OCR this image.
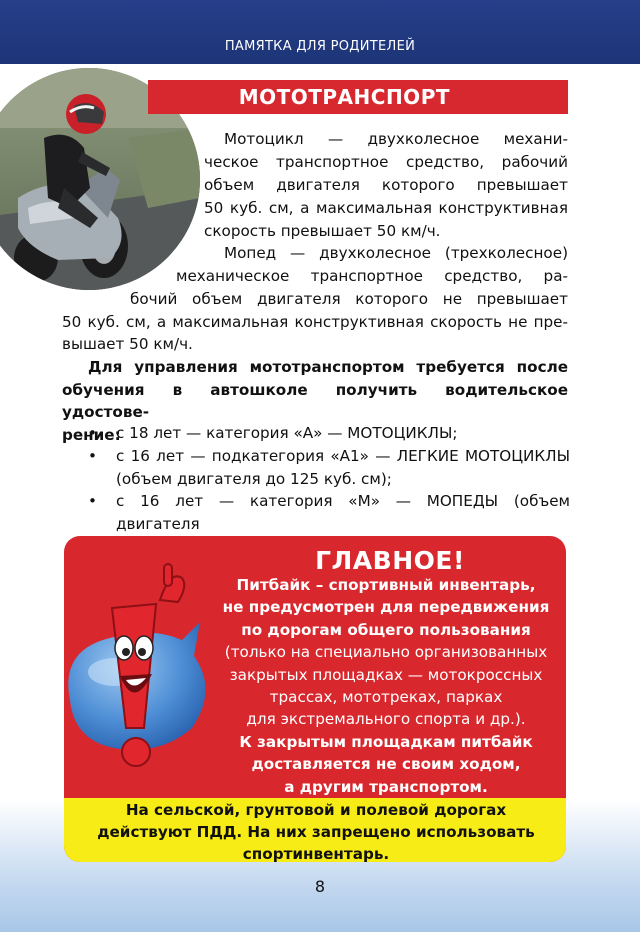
ПАМЯТКА ДЛЯ РОДИТЕЛЕЙ
МОТОТРАНСПОРТ
Мотоцикл — двухколесное механи-
ческое транспортное средство, рабочий
объем двигателя которого превышает
50 куб. см, а максимальная конструктивная
скорость превышает 50 км/ч.
Мопед — двухколесное (трехколесное)
механическое транспортное средство, ра-
бочий объем двигателя которого не превышает
50 куб. см, а максимальная конструктивная скорость не пре-
вышает 50 км/ч.
Для управления мототранспортом требуется после
обучения в автошколе получить водительское удостове-
рение:
• с 18 лет — категория «А» — МОТОЦИКЛЫ;
• с 16 лет — подкатегория «А1» — ЛЕГКИЕ МОТОЦИКЛЫ
(объем двигателя до 125 куб. см);
• с 16 лет — категория «М» — МОПЕДЫ (объем двигателя
ГЛАВНОЕ!
Питбайк – спортивный инвентарь,
не предусмотрен для передвижения
по дорогам общего пользования
(только на специально организованных
закрытых площадках — мотокроссных
трассах, мототреках, парках
для экстремального спорта и др.).
К закрытым площадкам питбайк
доставляется не своим ходом,
а другим транспортом.
На сельской, грунтовой и полевой дорогах
действуют ПДД. На них запрещено использовать
спортинвентарь.
8
